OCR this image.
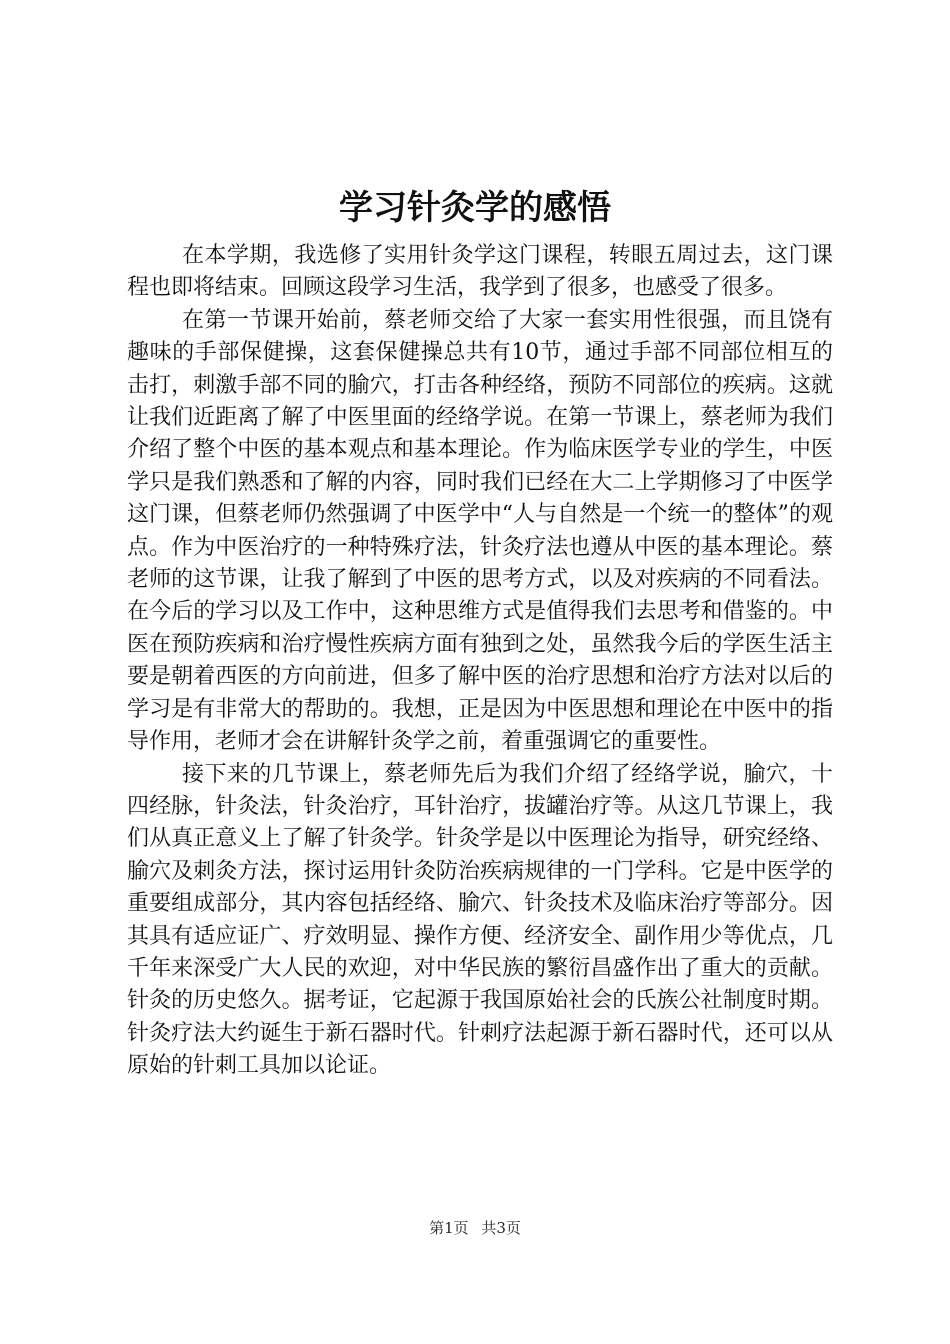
学习针灸学的感悟

在本学期，我选修了实用针灸学这门课程，转眼五周过去，这门课程也即将结束。回顾这段学习生活，我学到了很多，也感受了很多。

在第一节课开始前，蔡老师交给了大家一套实用性很强，而且饶有趣味的手部保健操，这套保健操总共有10节，通过手部不同部位相互的击打，刺激手部不同的腧穴，打击各种经络，预防不同部位的疾病。这就让我们近距离了解了中医里面的经络学说。在第一节课上，蔡老师为我们介绍了整个中医的基本观点和基本理论。作为临床医学专业的学生，中医学只是我们熟悉和了解的内容，同时我们已经在大二上学期修习了中医学这门课，但蔡老师仍然强调了中医学中“人与自然是一个统一的整体”的观点。作为中医治疗的一种特殊疗法，针灸疗法也遵从中医的基本理论。蔡老师的这节课，让我了解到了中医的思考方式，以及对疾病的不同看法。在今后的学习以及工作中，这种思维方式是值得我们去思考和借鉴的。中医在预防疾病和治疗慢性疾病方面有独到之处，虽然我今后的学医生活主要是朝着西医的方向前进，但多了解中医的治疗思想和治疗方法对以后的学习是有非常大的帮助的。我想，正是因为中医思想和理论在中医中的指导作用，老师才会在讲解针灸学之前，着重强调它的重要性。

接下来的几节课上，蔡老师先后为我们介绍了经络学说，腧穴，十四经脉，针灸法，针灸治疗，耳针治疗，拔罐治疗等。从这几节课上，我们从真正意义上了解了针灸学。针灸学是以中医理论为指导，研究经络、腧穴及刺灸方法，探讨运用针灸防治疾病规律的一门学科。它是中医学的重要组成部分，其内容包括经络、腧穴、针灸技术及临床治疗等部分。因其具有适应证广、疗效明显、操作方便、经济安全、副作用少等优点，几千年来深受广大人民的欢迎，对中华民族的繁衍昌盛作出了重大的贡献。针灸的历史悠久。据考证，它起源于我国原始社会的氏族公社制度时期。针灸疗法大约诞生于新石器时代。针刺疗法起源于新石器时代，还可以从原始的针刺工具加以论证。

第1页 共3页
